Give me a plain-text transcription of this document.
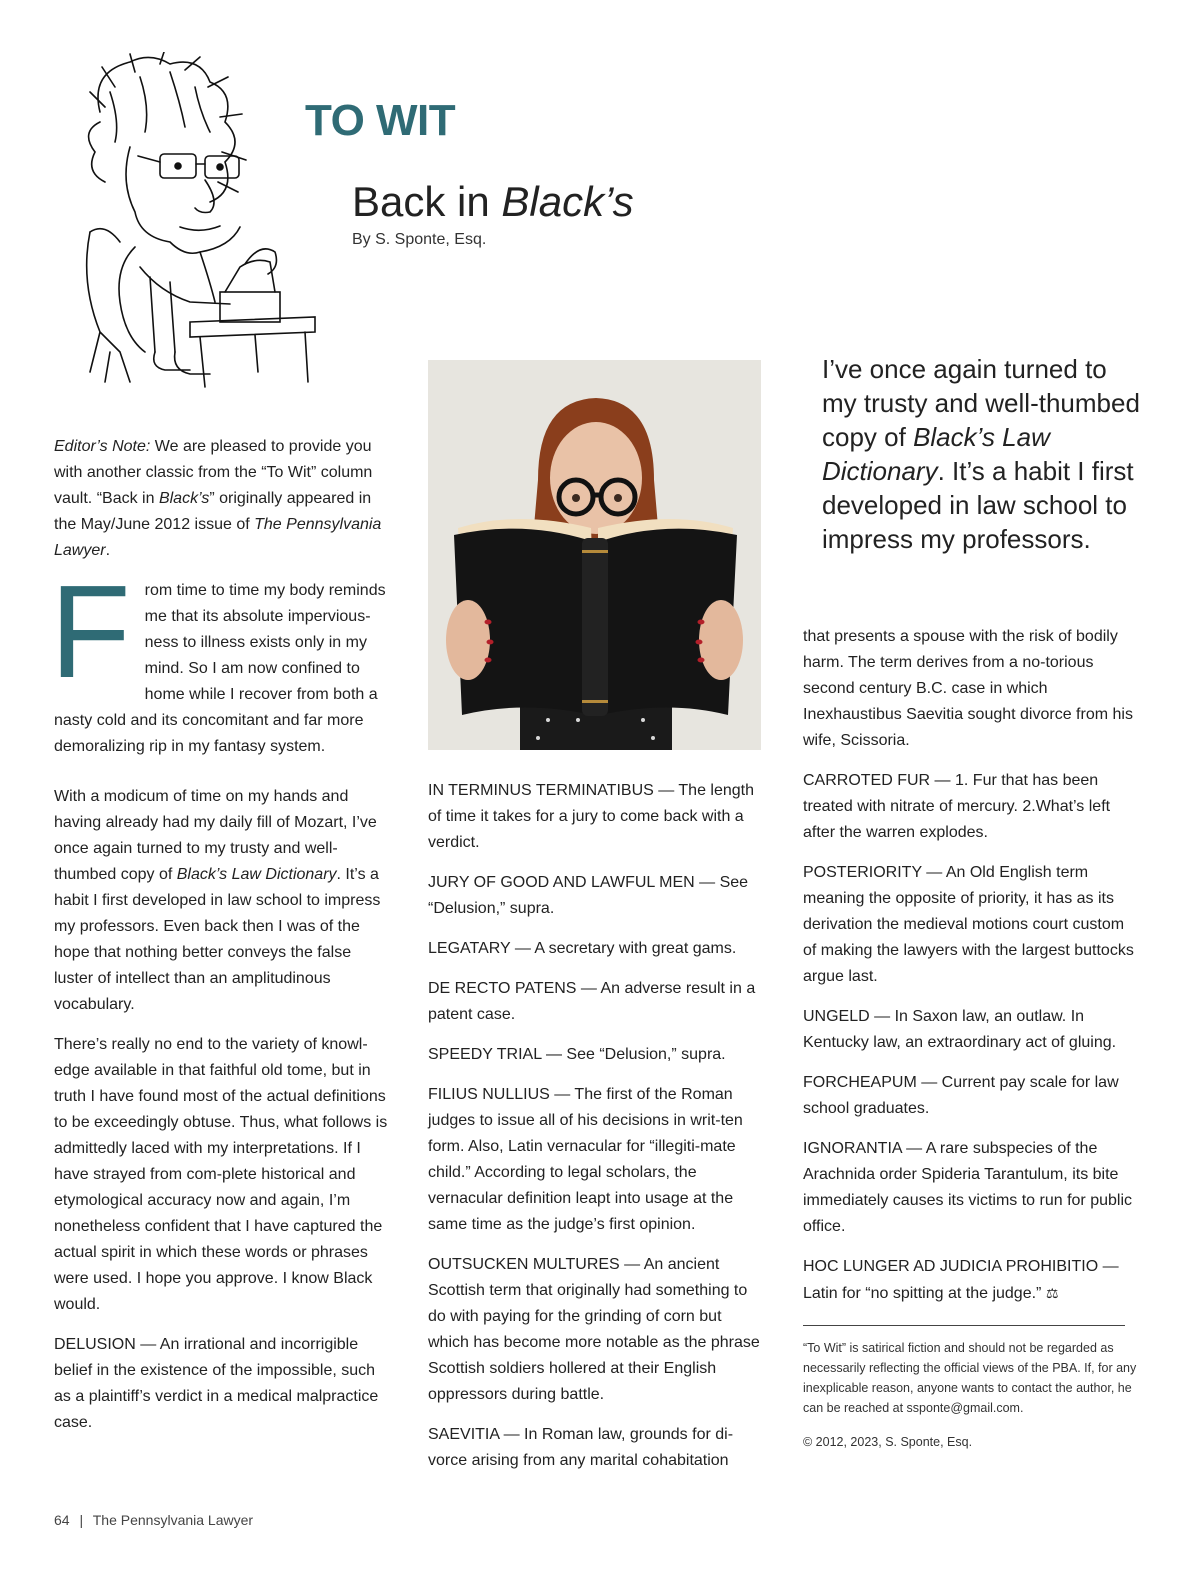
TO WIT
Back in Black’s
By S. Sponte, Esq.

Editor’s Note: We are pleased to provide you with another classic from the “To Wit” column vault. “Back in Black’s” originally appeared in the May/June 2012 issue of The Pennsylvania Lawyer.

From time to time my body reminds me that its absolute impervious-ness to illness exists only in my mind. So I am now confined to home while I recover from both a nasty cold and its concomitant and far more demoralizing rip in my fantasy system.

With a modicum of time on my hands and having already had my daily fill of Mozart, I’ve once again turned to my trusty and well-thumbed copy of Black’s Law Dictionary. It’s a habit I first developed in law school to impress my professors. Even back then I was of the hope that nothing better conveys the false luster of intellect than an amplitudinous vocabulary.

There’s really no end to the variety of knowl-edge available in that faithful old tome, but in truth I have found most of the actual definitions to be exceedingly obtuse. Thus, what follows is admittedly laced with my interpretations. If I have strayed from com-plete historical and etymological accuracy now and again, I’m nonetheless confident that I have captured the actual spirit in which these words or phrases were used. I hope you approve. I know Black would.

DELUSION — An irrational and incorrigible belief in the existence of the impossible, such as a plaintiff’s verdict in a medical malpractice case.

I’ve once again turned to my trusty and well-thumbed copy of Black’s Law Dictionary. It’s a habit I first developed in law school to impress my professors.

IN TERMINUS TERMINATIBUS — The length of time it takes for a jury to come back with a verdict.

JURY OF GOOD AND LAWFUL MEN — See “Delusion,” supra.

LEGATARY — A secretary with great gams.

DE RECTO PATENS — An adverse result in a patent case.

SPEEDY TRIAL — See “Delusion,” supra.

FILIUS NULLIUS — The first of the Roman judges to issue all of his decisions in writ-ten form. Also, Latin vernacular for “illegiti-mate child.” According to legal scholars, the vernacular definition leapt into usage at the same time as the judge’s first opinion.

OUTSUCKEN MULTURES — An ancient Scottish term that originally had something to do with paying for the grinding of corn but which has become more notable as the phrase Scottish soldiers hollered at their English oppressors during battle.

SAEVITIA — In Roman law, grounds for di-vorce arising from any marital cohabitation

that presents a spouse with the risk of bodily harm. The term derives from a no-torious second century B.C. case in which Inexhaustibus Saevitia sought divorce from his wife, Scissoria.

CARROTED FUR — 1. Fur that has been treated with nitrate of mercury. 2.What’s left after the warren explodes.

POSTERIORITY — An Old English term meaning the opposite of priority, it has as its derivation the medieval motions court custom of making the lawyers with the largest buttocks argue last.

UNGELD — In Saxon law, an outlaw. In Kentucky law, an extraordinary act of gluing.

FORCHEAPUM — Current pay scale for law school graduates.

IGNORANTIA — A rare subspecies of the Arachnida order Spideria Tarantulum, its bite immediately causes its victims to run for public office.

HOC LUNGER AD JUDICIA PROHIBITIO — Latin for “no spitting at the judge.” ⚖

“To Wit” is satirical fiction and should not be regarded as necessarily reflecting the official views of the PBA. If, for any inexplicable reason, anyone wants to contact the author, he can be reached at ssponte@gmail.com.

© 2012, 2023, S. Sponte, Esq.

64 | The Pennsylvania Lawyer
